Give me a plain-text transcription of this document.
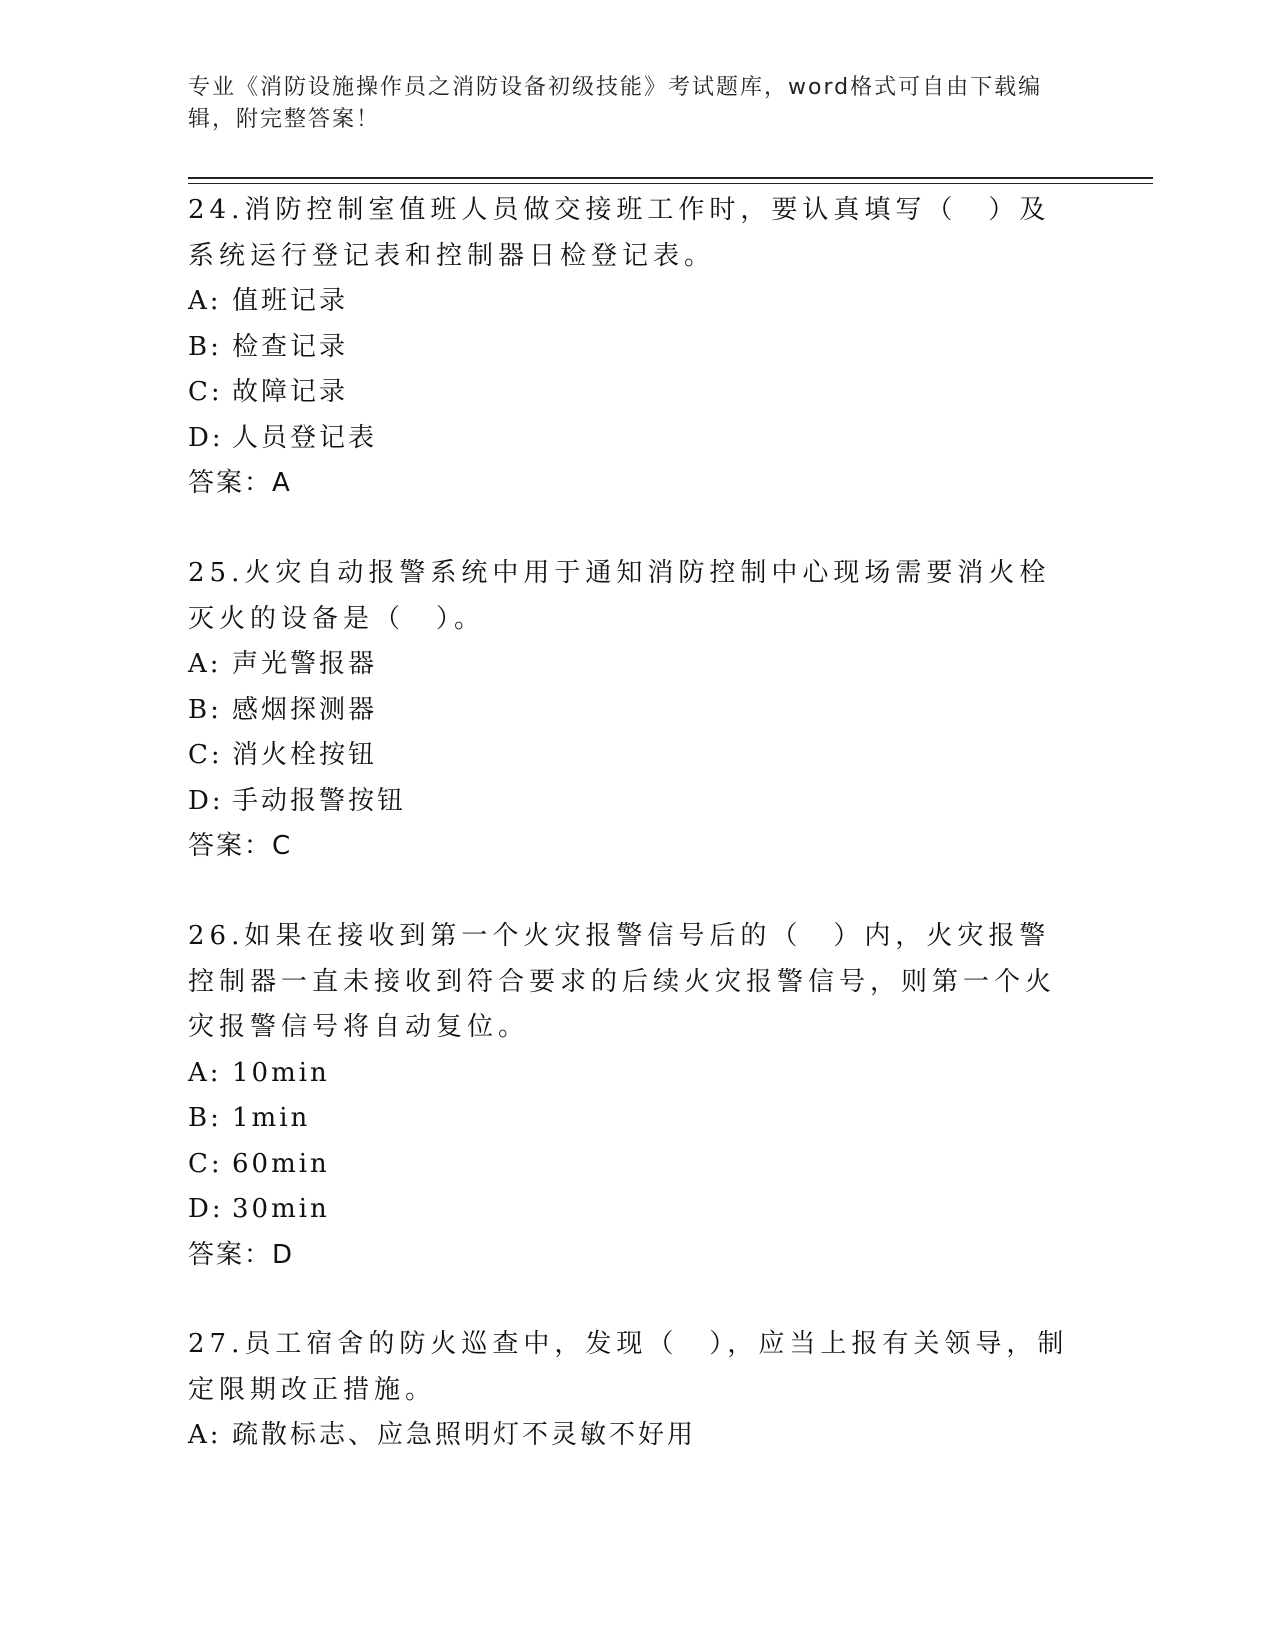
专业《消防设施操作员之消防设备初级技能》考试题库，word格式可自由下载编辑，附完整答案！

24.消防控制室值班人员做交接班工作时，要认真填写（　）及系统运行登记表和控制器日检登记表。

A: 值班记录

B: 检查记录

C: 故障记录

D: 人员登记表

答案：A

25.火灾自动报警系统中用于通知消防控制中心现场需要消火栓灭火的设备是（　）。

A: 声光警报器

B: 感烟探测器

C: 消火栓按钮

D: 手动报警按钮

答案：C

26.如果在接收到第一个火灾报警信号后的（　）内，火灾报警控制器一直未接收到符合要求的后续火灾报警信号，则第一个火灾报警信号将自动复位。

A: 10min

B: 1min

C: 60min

D: 30min

答案：D

27.员工宿舍的防火巡查中，发现（　），应当上报有关领导，制定限期改正措施。

A: 疏散标志、应急照明灯不灵敏不好用
